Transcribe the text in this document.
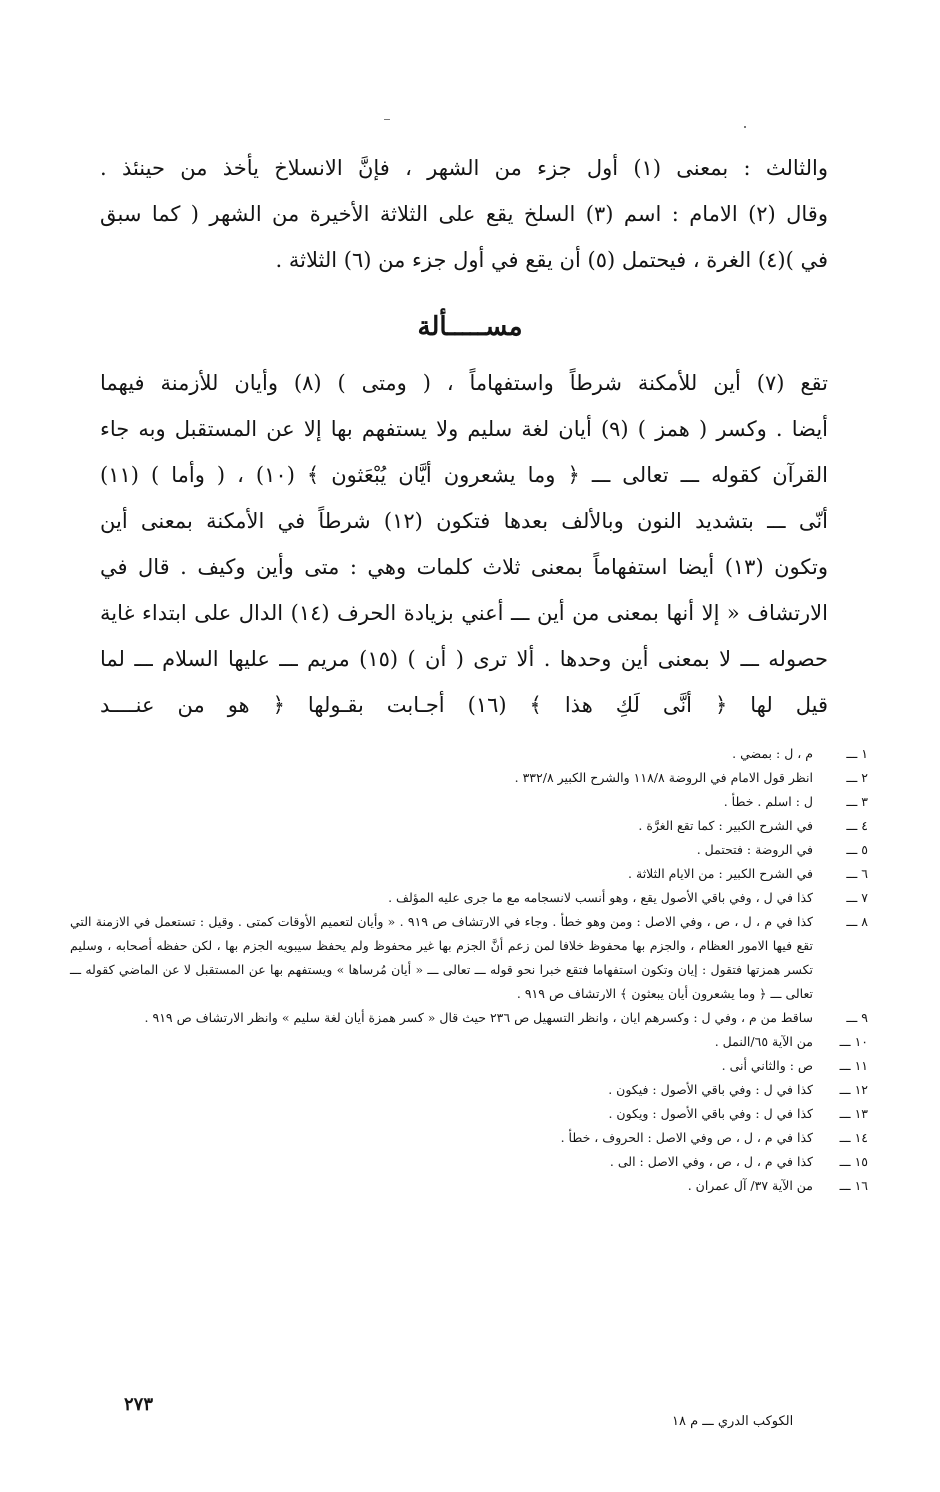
والثالث : بمعنى (١) أول جزء من الشهر ، فإنَّ الانسلاخ يأخذ من حينئذ .
وقال (٢) الامام : اسم (٣) السلخ يقع على الثلاثة الأخيرة من الشهر ( كما سبق
في )(٤) الغرة ، فيحتمل (٥) أن يقع في أول جزء من (٦) الثلاثة .
مســـــألة
تقع (٧) أين للأمكنة شرطاً واستفهاماً ، ( ومتى ) (٨) وأيان للأزمنة فيهما
أيضا . وكسر ( همز ) (٩) أيان لغة سليم ولا يستفهم بها إلا عن المستقبل وبه جاء
القرآن كقوله ـــ تعالى ـــ ﴿ وما يشعرون أيَّان يُبْعَثون ﴾ (١٠) ، ( وأما ) (١١)
أنّى ـــ بتشديد النون وبالألف بعدها فتكون (١٢) شرطاً في الأمكنة بمعنى أين
وتكون (١٣) أيضا استفهاماً بمعنى ثلاث كلمات وهي : متى وأين وكيف . قال في
الارتشاف « إلا أنها بمعنى من أين ـــ أعني بزيادة الحرف (١٤) الدال على ابتداء غاية
حصوله ـــ لا بمعنى أين وحدها . ألا ترى ( أن ) (١٥) مريم ـــ عليها السلام ـــ لما
قيل لها ﴿ أنَّى لَكِ هذا ﴾ (١٦) أجـابت بقـولها ﴿ هو من عنــــد
١ ـــ
م ، ل : بمضي .
٢ ـــ
انظر قول الامام في الروضة ١١٨/٨ والشرح الكبير ٣٣٢/٨ .
٣ ـــ
ل : اسلم . خطأ .
٤ ـــ
في الشرح الكبير : كما تقع الغرَّة .
٥ ـــ
في الروضة : فتحتمل .
٦ ـــ
في الشرح الكبير : من الايام الثلاثة .
٧ ـــ
كذا في ل ، وفي باقي الأصول يقع ، وهو أنسب لانسجامه مع ما جرى عليه المؤلف .
٨ ـــ
كذا في م ، ل ، ص ، وفي الاصل : ومن وهو خطأ . وجاء في الارتشاف ص ٩١٩ . « وأيان لتعميم الأوقات كمتى . وقيل : تستعمل في الازمنة التي تقع فيها الامور العظام ، والجزم بها محفوظ خلافا لمن زعم أنَّ الجزم بها غير محفوظ ولم يحفظ سيبويه الجزم بها ، لكن حفظه أصحابه ، وسليم تكسر همزتها فتقول : إيان وتكون استفهاما فتقع خبرا نحو قوله ـــ تعالى ـــ « أيان مُرساها » ويستفهم بها عن المستقبل لا عن الماضي كقوله ـــ تعالى ـــ ﴿ وما يشعرون أيان يبعثون ﴾ الارتشاف ص ٩١٩ .
٩ ـــ
ساقط من م ، وفي ل : وكسرهم ايان ، وانظر التسهيل ص ٢٣٦ حيث قال « كسر همزة أيان لغة سليم » وانظر الارتشاف ص ٩١٩ .
١٠ ـــ
من الآية ٦٥/النمل .
١١ ـــ
ص : والثاني أنى .
١٢ ـــ
كذا في ل : وفي باقي الأصول : فيكون .
١٣ ـــ
كذا في ل : وفي باقي الأصول : ويكون .
١٤ ـــ
كذا في م ، ل ، ص وفي الاصل : الحروف ، خطأ .
١٥ ـــ
كذا في م ، ل ، ص ، وفي الاصل : الى .
١٦ ـــ
من الآية ٣٧/ آل عمران .
٢٧٣
الكوكب الدري ـــ م ١٨
